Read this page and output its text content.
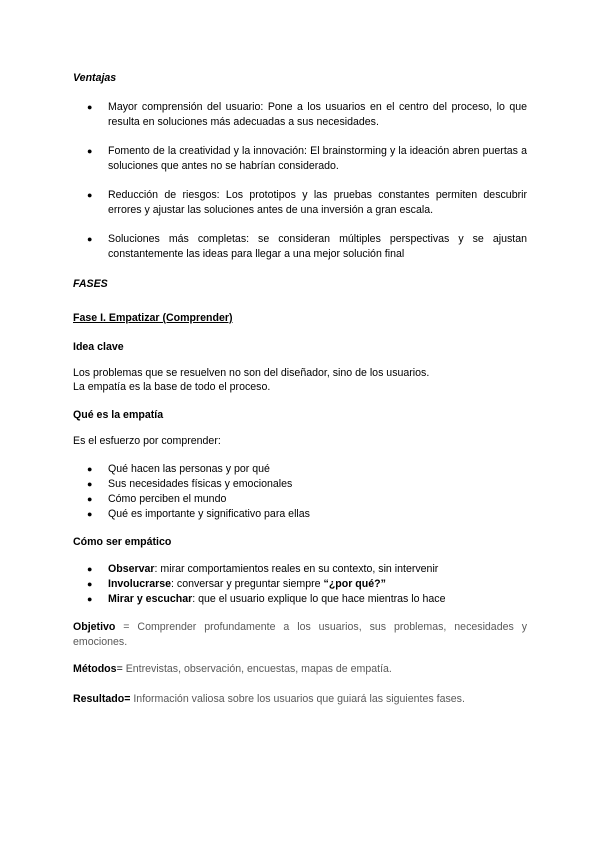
Ventajas

● Mayor comprensión del usuario: Pone a los usuarios en el centro del proceso, lo que resulta en soluciones más adecuadas a sus necesidades.
● Fomento de la creatividad y la innovación: El brainstorming y la ideación abren puertas a soluciones que antes no se habrían considerado.
● Reducción de riesgos: Los prototipos y las pruebas constantes permiten descubrir errores y ajustar las soluciones antes de una inversión a gran escala.
● Soluciones más completas: se consideran múltiples perspectivas y se ajustan constantemente las ideas para llegar a una mejor solución final

FASES

Fase I. Empatizar (Comprender)

Idea clave

Los problemas que se resuelven no son del diseñador, sino de los usuarios.

La empatía es la base de todo el proceso.

Qué es la empatía

Es el esfuerzo por comprender:

● Qué hacen las personas y por qué
● Sus necesidades físicas y emocionales
● Cómo perciben el mundo
● Qué es importante y significativo para ellas

Cómo ser empático

● Observar: mirar comportamientos reales en su contexto, sin intervenir
● Involucrarse: conversar y preguntar siempre “¿por qué?”
● Mirar y escuchar: que el usuario explique lo que hace mientras lo hace

Objetivo = Comprender profundamente a los usuarios, sus problemas, necesidades y emociones.

Métodos= Entrevistas, observación, encuestas, mapas de empatía.

Resultado= Información valiosa sobre los usuarios que guiará las siguientes fases.
